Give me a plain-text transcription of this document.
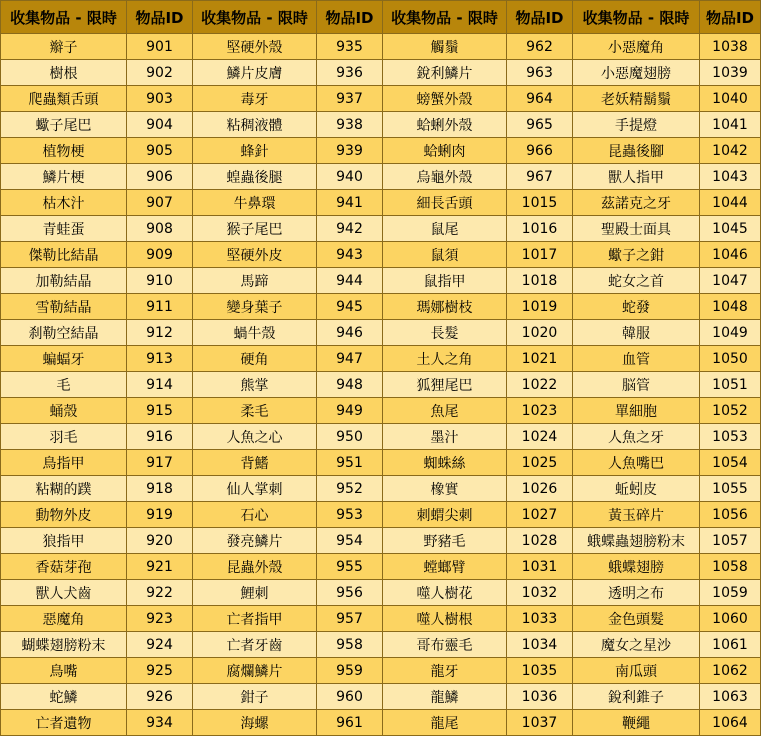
收集物品 - 限時	物品ID	收集物品 - 限時	物品ID	收集物品 - 限時	物品ID	收集物品 - 限時	物品ID
辮子	901	堅硬外殼	935	觸鬚	962	小惡魔角	1038
樹根	902	鱗片皮膚	936	銳利鱗片	963	小惡魔翅膀	1039
爬蟲類舌頭	903	毒牙	937	螃蟹外殼	964	老妖精鬍鬚	1040
蠍子尾巴	904	粘稠液體	938	蛤蜊外殼	965	手提燈	1041
植物梗	905	蜂針	939	蛤蜊肉	966	昆蟲後腳	1042
鱗片梗	906	蝗蟲後腿	940	烏龜外殼	967	獸人指甲	1043
枯木汁	907	牛鼻環	941	細長舌頭	1015	茲諾克之牙	1044
青蛙蛋	908	猴子尾巴	942	鼠尾	1016	聖殿士面具	1045
傑勒比結晶	909	堅硬外皮	943	鼠須	1017	蠍子之鉗	1046
加勒結晶	910	馬蹄	944	鼠指甲	1018	蛇女之首	1047
雪勒結晶	911	變身葉子	945	瑪娜樹枝	1019	蛇發	1048
刹勒空結晶	912	蝸牛殼	946	長髮	1020	韓服	1049
蝙蝠牙	913	硬角	947	土人之角	1021	血管	1050
毛	914	熊掌	948	狐狸尾巴	1022	脳管	1051
蛹殼	915	柔毛	949	魚尾	1023	單細胞	1052
羽毛	916	人魚之心	950	墨汁	1024	人魚之牙	1053
鳥指甲	917	背鰭	951	蜘蛛絲	1025	人魚嘴巴	1054
粘糊的蹼	918	仙人掌刺	952	橡實	1026	蚯蚓皮	1055
動物外皮	919	石心	953	刺蝟尖刺	1027	黃玉碎片	1056
狼指甲	920	發亮鱗片	954	野豬毛	1028	蛾蝶蟲翅膀粉末	1057
香菇芽孢	921	昆蟲外殼	955	螳螂臂	1031	蛾蝶翅膀	1058
獸人犬齒	922	鯉刺	956	噬人樹花	1032	透明之布	1059
惡魔角	923	亡者指甲	957	噬人樹根	1033	金色頭髮	1060
蝴蝶翅膀粉末	924	亡者牙齒	958	哥布靈毛	1034	魔女之星沙	1061
鳥嘴	925	腐爛鱗片	959	龍牙	1035	南瓜頭	1062
蛇鱗	926	鉗子	960	龍鱗	1036	銳利錐子	1063
亡者遺物	934	海螺	961	龍尾	1037	鞭繩	1064
